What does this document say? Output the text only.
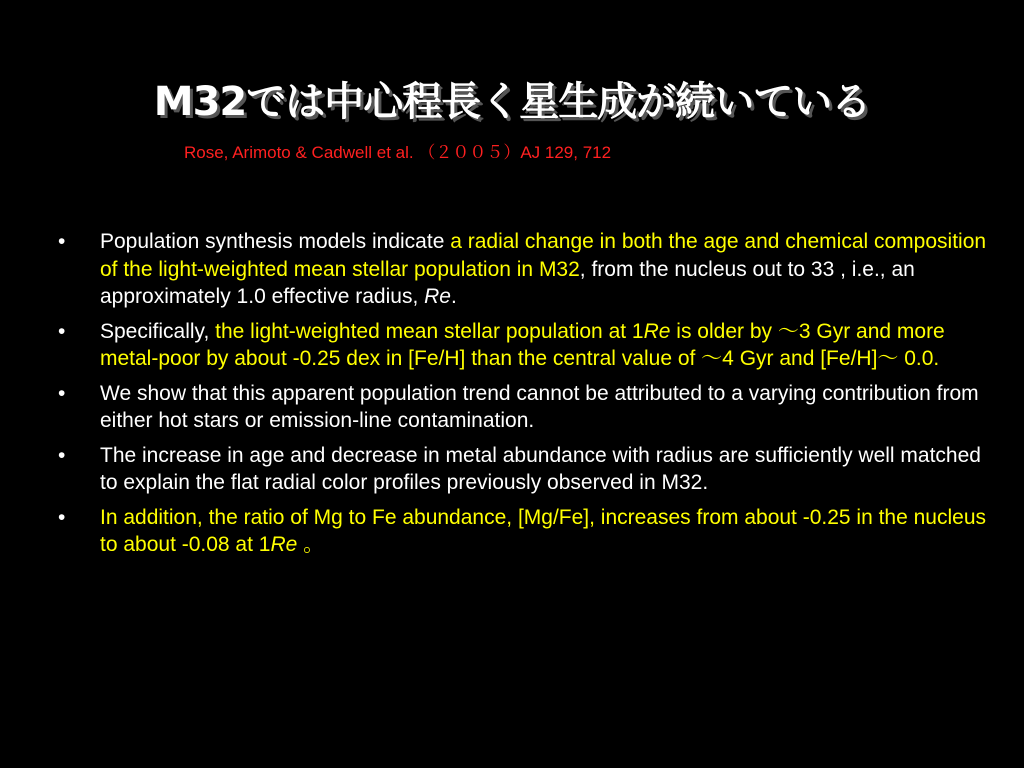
M32では中心程長く星生成が続いている
Rose, Arimoto & Cadwell et al. （２００５）AJ 129, 712
•	Population synthesis models indicate a radial change in both the age and chemical composition of the light-weighted mean stellar population in M32, from the nucleus out to 33 , i.e., an approximately 1.0 effective radius, Re.
•	Specifically, the light-weighted mean stellar population at 1Re is older by ～3 Gyr and more metal-poor by about -0.25 dex in [Fe/H] than the central value of ～4 Gyr and [Fe/H]～ 0.0.
•	We show that this apparent population trend cannot be attributed to a varying contribution from either hot stars or emission-line contamination.
•	The increase in age and decrease in metal abundance with radius are sufficiently well matched to explain the flat radial color profiles previously observed in M32.
•	In addition, the ratio of Mg to Fe abundance, [Mg/Fe], increases from about -0.25 in the nucleus to about -0.08 at 1Re 。
